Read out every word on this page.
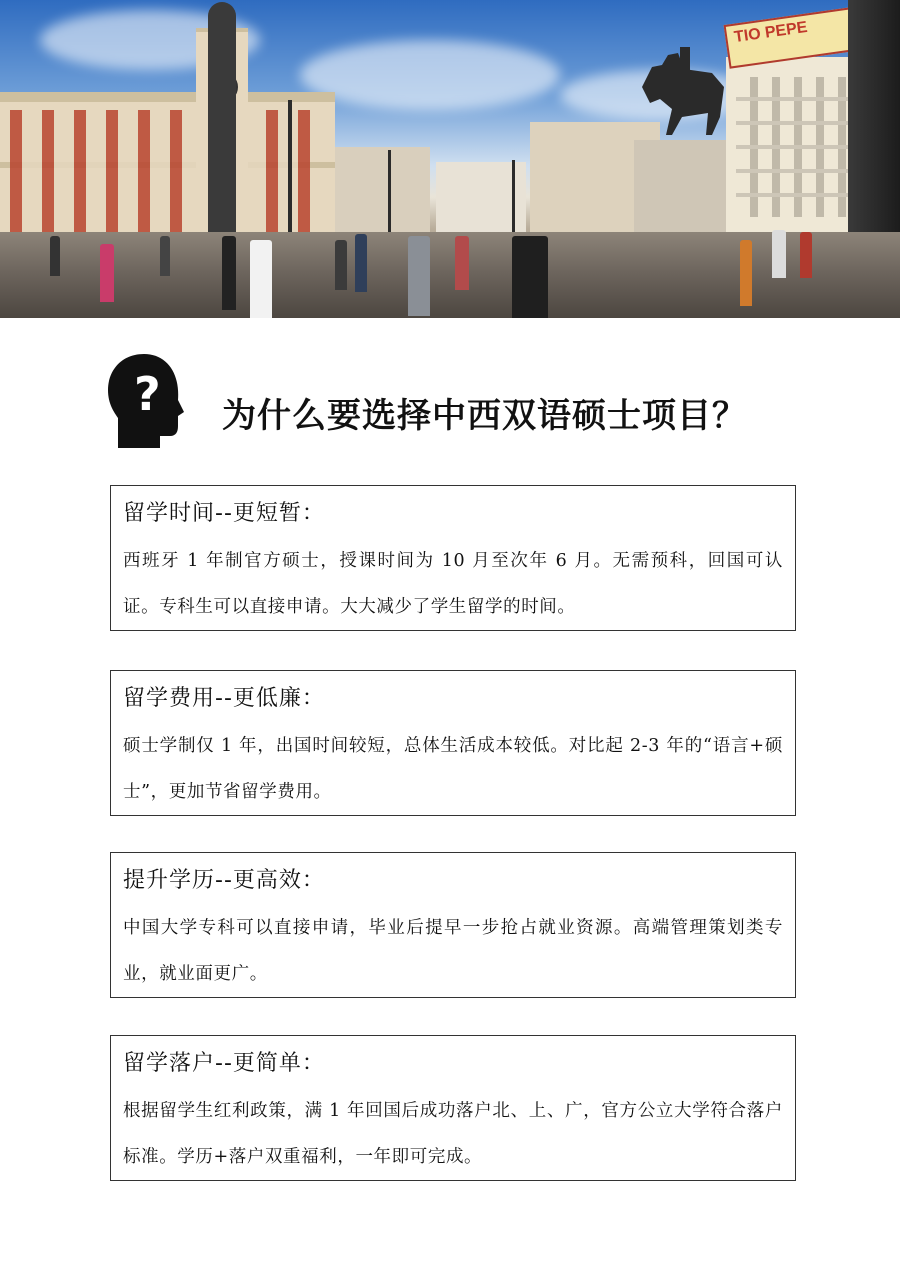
TIO PEPE
? 为什么要选择中西双语硕士项目？
留学时间--更短暂：
西班牙 1 年制官方硕士，授课时间为 10 月至次年 6 月。无需预科，回国可认证。专科生可以直接申请。大大减少了学生留学的时间。
留学费用--更低廉：
硕士学制仅 1 年，出国时间较短，总体生活成本较低。对比起 2-3 年的“语言+硕士”，更加节省留学费用。
提升学历--更高效：
中国大学专科可以直接申请，毕业后提早一步抢占就业资源。高端管理策划类专业，就业面更广。
留学落户--更简单：
根据留学生红利政策，满 1 年回国后成功落户北、上、广，官方公立大学符合落户标准。学历+落户双重福利，一年即可完成。
